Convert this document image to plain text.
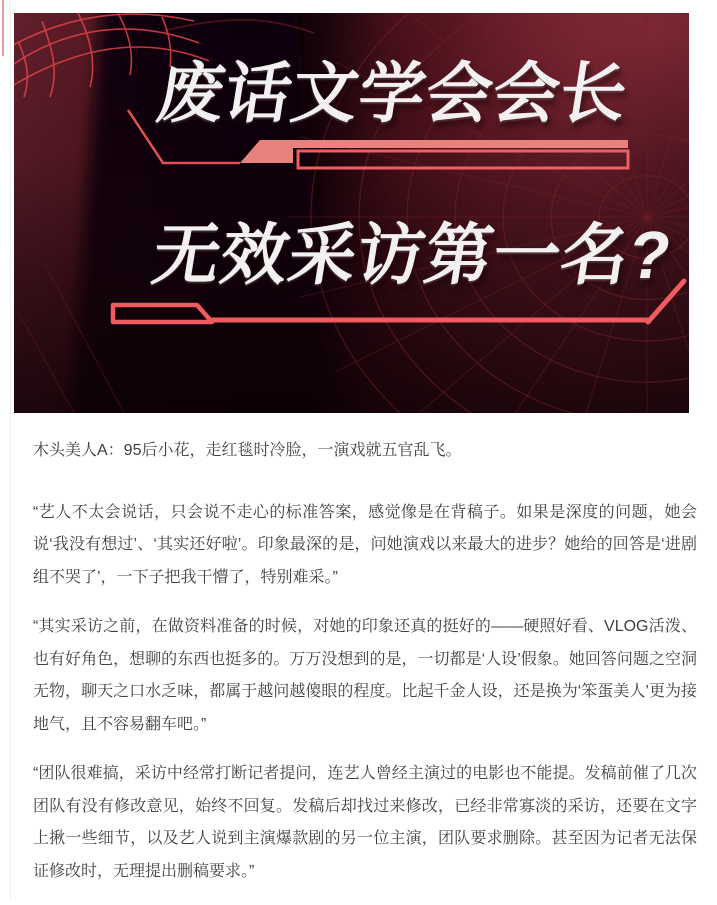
废话文学会会长
无效采访第一名?

木头美人A：95后小花，走红毯时冷脸，一演戏就五官乱飞。

“艺人不太会说话，只会说不走心的标准答案，感觉像是在背稿子。如果是深度的问题，她会说‘我没有想过’、‘其实还好啦’。印象最深的是，问她演戏以来最大的进步？她给的回答是‘进剧组不哭了’，一下子把我干懵了，特别难采。”

“其实采访之前，在做资料准备的时候，对她的印象还真的挺好的——硬照好看、VLOG活泼、也有好角色，想聊的东西也挺多的。万万没想到的是，一切都是‘人设’假象。她回答问题之空洞无物，聊天之口水乏味，都属于越问越傻眼的程度。比起千金人设，还是换为‘笨蛋美人’更为接地气，且不容易翻车吧。”

“团队很难搞，采访中经常打断记者提问，连艺人曾经主演过的电影也不能提。发稿前催了几次团队有没有修改意见，始终不回复。发稿后却找过来修改，已经非常寡淡的采访，还要在文字上揪一些细节，以及艺人说到主演爆款剧的另一位主演，团队要求删除。甚至因为记者无法保证修改时，无理提出删稿要求。”
